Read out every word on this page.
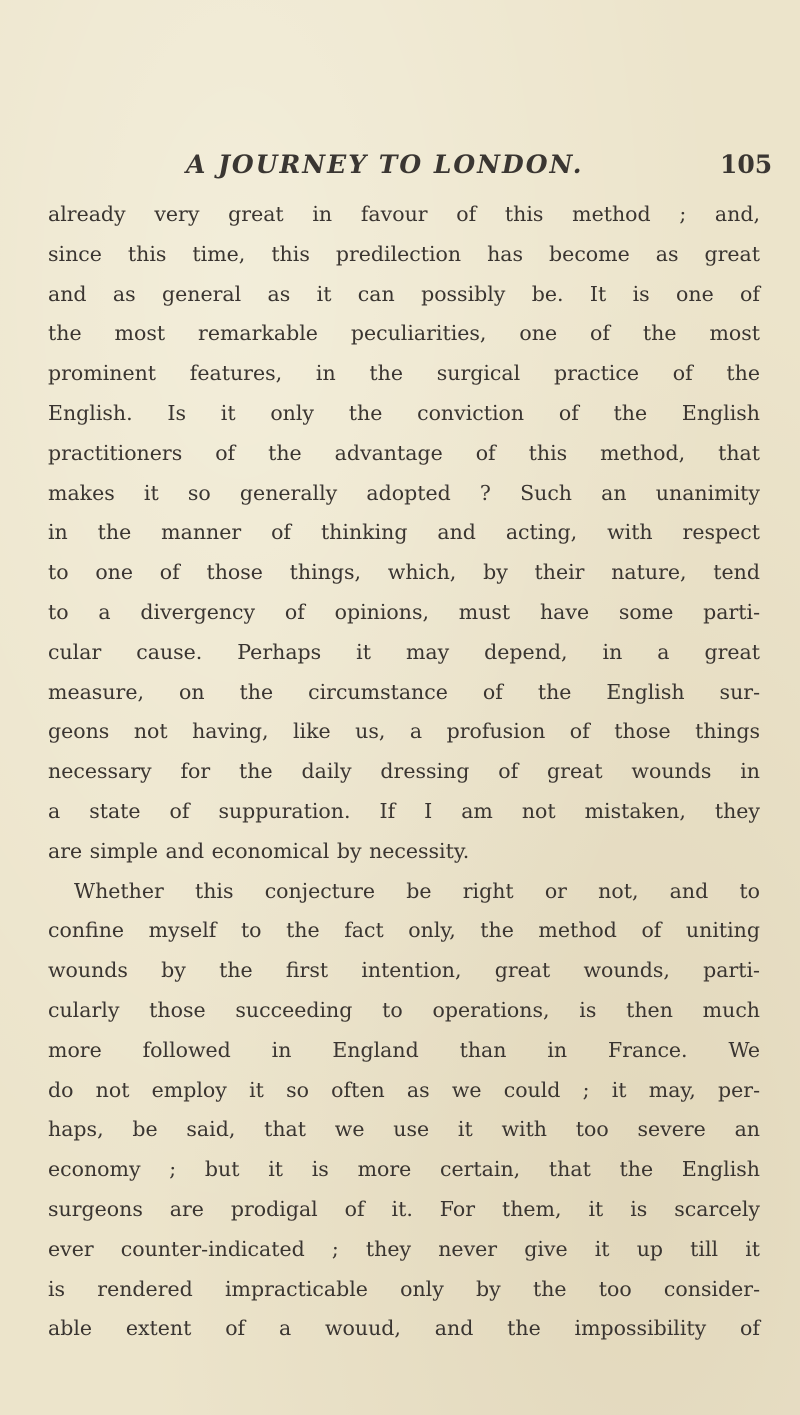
A JOURNEY TO LONDON.	105
already very great in favour of this method ; and,
since this time, this predilection has become as great
and as general as it can possibly be. It is one of
the most remarkable peculiarities, one of the most
prominent features, in the surgical practice of the
English. Is it only the conviction of the English
practitioners of the advantage of this method, that
makes it so generally adopted ? Such an unanimity
in the manner of thinking and acting, with respect
to one of those things, which, by their nature, tend
to a divergency of opinions, must have some parti-
cular cause. Perhaps it may depend, in a great
measure, on the circumstance of the English sur-
geons not having, like us, a profusion of those things
necessary for the daily dressing of great wounds in
a state of suppuration. If I am not mistaken, they
are simple and economical by necessity.
Whether this conjecture be right or not, and to
confine myself to the fact only, the method of uniting
wounds by the first intention, great wounds, parti-
cularly those succeeding to operations, is then much
more followed in England than in France. We
do not employ it so often as we could ; it may, per-
haps, be said, that we use it with too severe an
economy ; but it is more certain, that the English
surgeons are prodigal of it. For them, it is scarcely
ever counter-indicated ; they never give it up till it
is rendered impracticable only by the too consider-
able extent of a wouud, and the impossibility of
